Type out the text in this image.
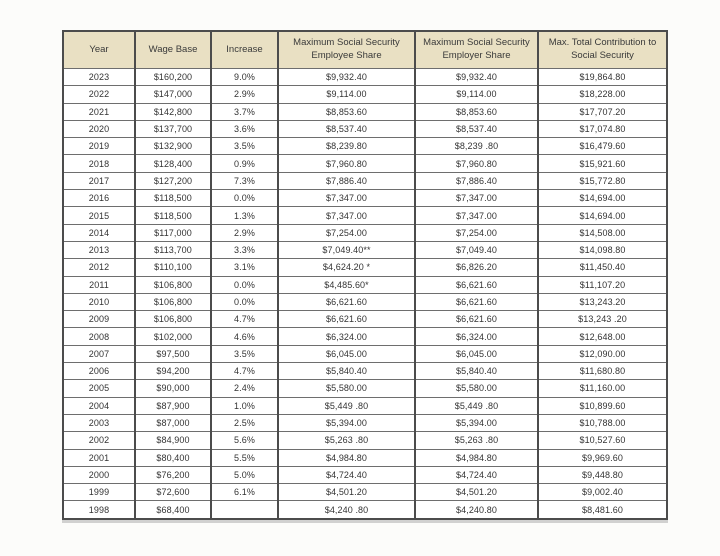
Year	Wage Base	Increase	Maximum Social Security Employee Share	Maximum Social Security Employer Share	Max. Total Contribution to Social Security
2023	$160,200	9.0%	$9,932.40	$9,932.40	$19,864.80
2022	$147,000	2.9%	$9,114.00	$9,114.00	$18,228.00
2021	$142,800	3.7%	$8,853.60	$8,853.60	$17,707.20
2020	$137,700	3.6%	$8,537.40	$8,537.40	$17,074.80
2019	$132,900	3.5%	$8,239.80	$8,239 .80	$16,479.60
2018	$128,400	0.9%	$7,960.80	$7,960.80	$15,921.60
2017	$127,200	7.3%	$7,886.40	$7,886.40	$15,772.80
2016	$118,500	0.0%	$7,347.00	$7,347.00	$14,694.00
2015	$118,500	1.3%	$7,347.00	$7,347.00	$14,694.00
2014	$117,000	2.9%	$7,254.00	$7,254.00	$14,508.00
2013	$113,700	3.3%	$7,049.40**	$7,049.40	$14,098.80
2012	$110,100	3.1%	$4,624.20 *	$6,826.20	$11,450.40
2011	$106,800	0.0%	$4,485.60*	$6,621.60	$11,107.20
2010	$106,800	0.0%	$6,621.60	$6,621.60	$13,243.20
2009	$106,800	4.7%	$6,621.60	$6,621.60	$13,243 .20
2008	$102,000	4.6%	$6,324.00	$6,324.00	$12,648.00
2007	$97,500	3.5%	$6,045.00	$6,045.00	$12,090.00
2006	$94,200	4.7%	$5,840.40	$5,840.40	$11,680.80
2005	$90,000	2.4%	$5,580.00	$5,580.00	$11,160.00
2004	$87,900	1.0%	$5,449 .80	$5,449 .80	$10,899.60
2003	$87,000	2.5%	$5,394.00	$5,394.00	$10,788.00
2002	$84,900	5.6%	$5,263 .80	$5,263 .80	$10,527.60
2001	$80,400	5.5%	$4,984.80	$4,984.80	$9,969.60
2000	$76,200	5.0%	$4,724.40	$4,724.40	$9,448.80
1999	$72,600	6.1%	$4,501.20	$4,501.20	$9,002.40
1998	$68,400		$4,240 .80	$4,240.80	$8,481.60
